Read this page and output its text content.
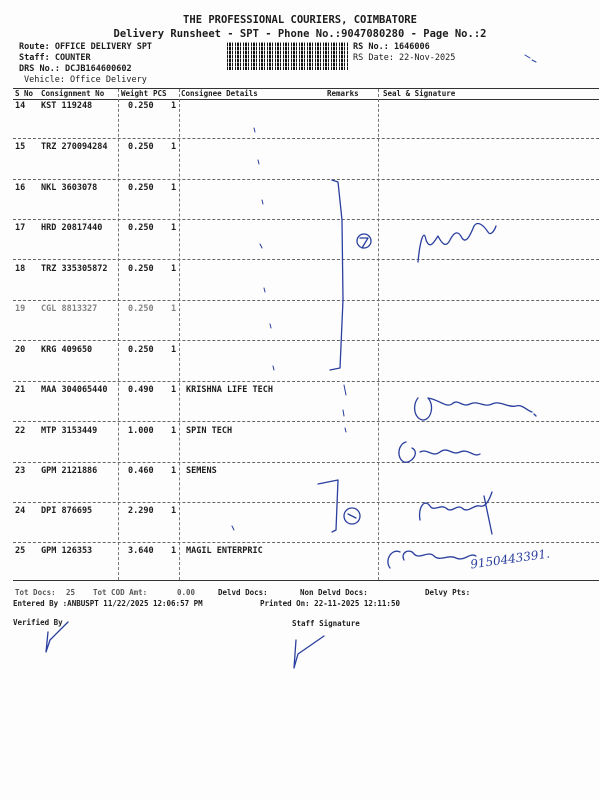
THE PROFESSIONAL COURIERS, COIMBATORE
Delivery Runsheet - SPT - Phone No.:9047080280 - Page No.:2
Route: OFFICE DELIVERY SPT
Staff: COUNTER
DRS No.: DCJB164600602
Vehicle: Office Delivery
RS No.: 1646006
RS Date: 22-Nov-2025
S No Consignment No Weight PCS Consignee Details	Remarks	Seal & Signature
14 KST 119248	0.250 1
15 TRZ 270094284 0.250 1
16 NKL 3603078	0.250 1
17 HRD 20817440	0.250 1
18 TRZ 335305872 0.250 1
19 CGL 8813327	0.250 1
20 KRG 409650	0.250 1
21 MAA 304065440 0.490 1 KRISHNA LIFE TECH
22 MTP 3153449	1.000 1 SPIN TECH
23 GPM 2121886	0.460 1 SEMENS
24 DPI 876695	2.290 1
25 GPM 126353	3.640 1 MAGIL ENTERPRIC
Tot Docs: 25 Tot COD Amt:	0.00	Delvd Docs:	Non Delvd Docs:	Delvy Pts:
Entered By :ANBUSPT 11/22/2025 12:06:57 PM	Printed On: 22-11-2025 12:11:50
Verified By	Staff Signature
9150443391.
